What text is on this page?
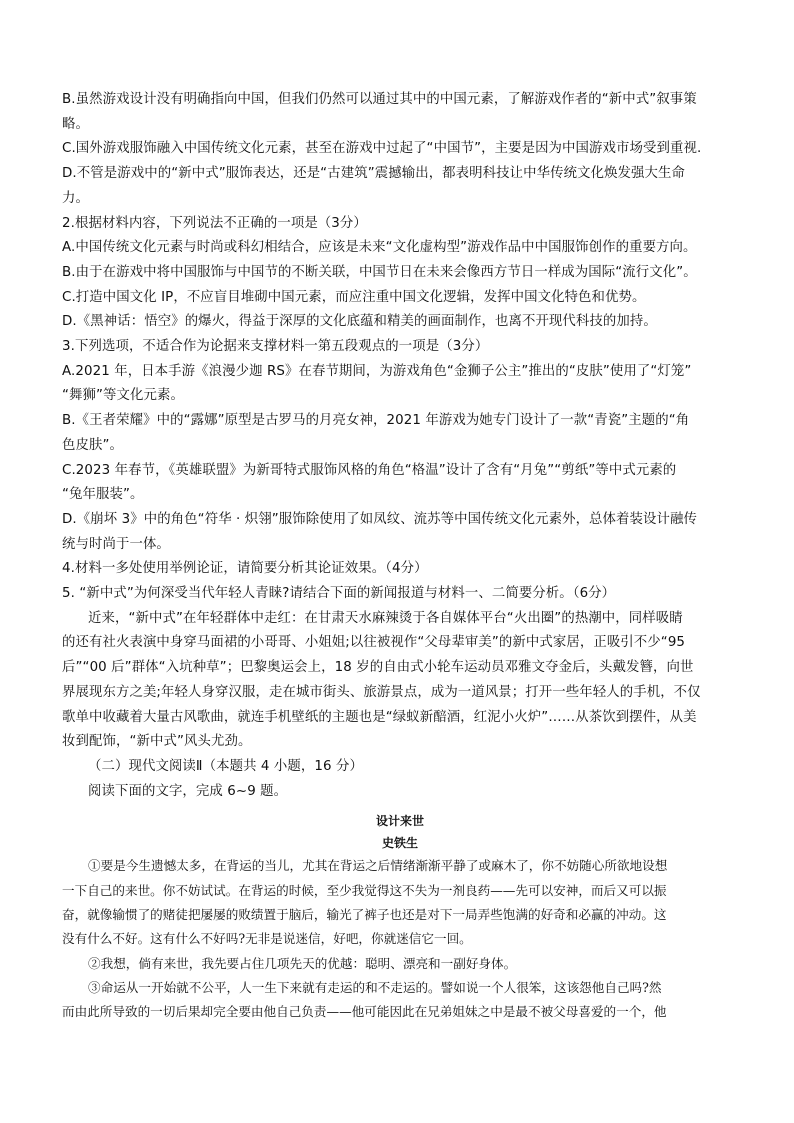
B.虽然游戏设计没有明确指向中国，但我们仍然可以通过其中的中国元素，了解游戏作者的“新中式”叙事策

略。

C.国外游戏服饰融入中国传统文化元素，甚至在游戏中过起了“中国节”，主要是因为中国游戏市场受到重视.

D.不管是游戏中的“新中式”服饰表达，还是“古建筑”震撼输出，都表明科技让中华传统文化焕发强大生命

力。

2.根据材料内容，下列说法不正确的一项是（3分）

A.中国传统文化元素与时尚或科幻相结合，应该是未来“文化虚构型”游戏作品中中国服饰创作的重要方向。

B.由于在游戏中将中国服饰与中国节的不断关联，中国节日在未来会像西方节日一样成为国际“流行文化”。

C.打造中国文化 IP，不应盲目堆砌中国元素，而应注重中国文化逻辑，发挥中国文化特色和优势。

D.《黑神话：悟空》的爆火，得益于深厚的文化底蕴和精美的画面制作，也离不开现代科技的加持。

3.下列选项，不适合作为论据来支撑材料一第五段观点的一项是（3分）

A.2021 年，日本手游《浪漫少迦 RS》在春节期间，为游戏角色“金狮子公主”推出的“皮肤”使用了“灯笼”

“舞狮”等文化元素。

B.《王者荣耀》中的“露娜”原型是古罗马的月亮女神，2021 年游戏为她专门设计了一款“青瓷”主题的“角

色皮肤”。

C.2023 年春节，《英雄联盟》为新哥特式服饰风格的角色“格温”设计了含有“月兔”“剪纸”等中式元素的

“兔年服装”。

D.《崩坏 3》中的角色“符华 · 炽翎”服饰除使用了如凤纹、流苏等中国传统文化元素外，总体着装设计融传

统与时尚于一体。

4.材料一多处使用举例论证，请简要分析其论证效果。（4分）

5. “新中式”为何深受当代年轻人青睐?请结合下面的新闻报道与材料一、二简要分析。（6分）

近来，“新中式”在年轻群体中走红：在甘肃天水麻辣烫于各自媒体平台“火出圈”的热潮中，同样吸睛

的还有社火表演中身穿马面裙的小哥哥、小姐姐;以往被视作“父母辈审美”的新中式家居，正吸引不少“95

后”“00 后”群体“入坑种草”；巴黎奥运会上，18 岁的自由式小轮车运动员邓雅文夺金后，头戴发簪，向世

界展现东方之美;年轻人身穿汉服，走在城市街头、旅游景点，成为一道风景；打开一些年轻人的手机，不仅

歌单中收藏着大量古风歌曲，就连手机壁纸的主题也是“绿蚁新醅酒，红泥小火炉”……从茶饮到摆件，从美

妆到配饰，“新中式”风头尤劲。

（二）现代文阅读Ⅱ（本题共 4 小题，16 分）

阅读下面的文字，完成 6~9 题。

设计来世
史铁生

①要是今生遗憾太多，在背运的当儿，尤其在背运之后情绪渐渐平静了或麻木了，你不妨随心所欲地设想

一下自己的来世。你不妨试试。在背运的时候，至少我觉得这不失为一剂良药——先可以安神，而后又可以振

奋，就像输惯了的赌徒把屡屡的败绩置于脑后，输光了裤子也还是对下一局弄些饱满的好奇和必赢的冲动。这

没有什么不好。这有什么不好吗?无非是说迷信，好吧，你就迷信它一回。

②我想，倘有来世，我先要占住几项先天的优越：聪明、漂亮和一副好身体。

③命运从一开始就不公平，人一生下来就有走运的和不走运的。譬如说一个人很笨，这该怨他自己吗?然

而由此所导致的一切后果却完全要由他自己负责——他可能因此在兄弟姐妹之中是最不被父母喜爱的一个，他
